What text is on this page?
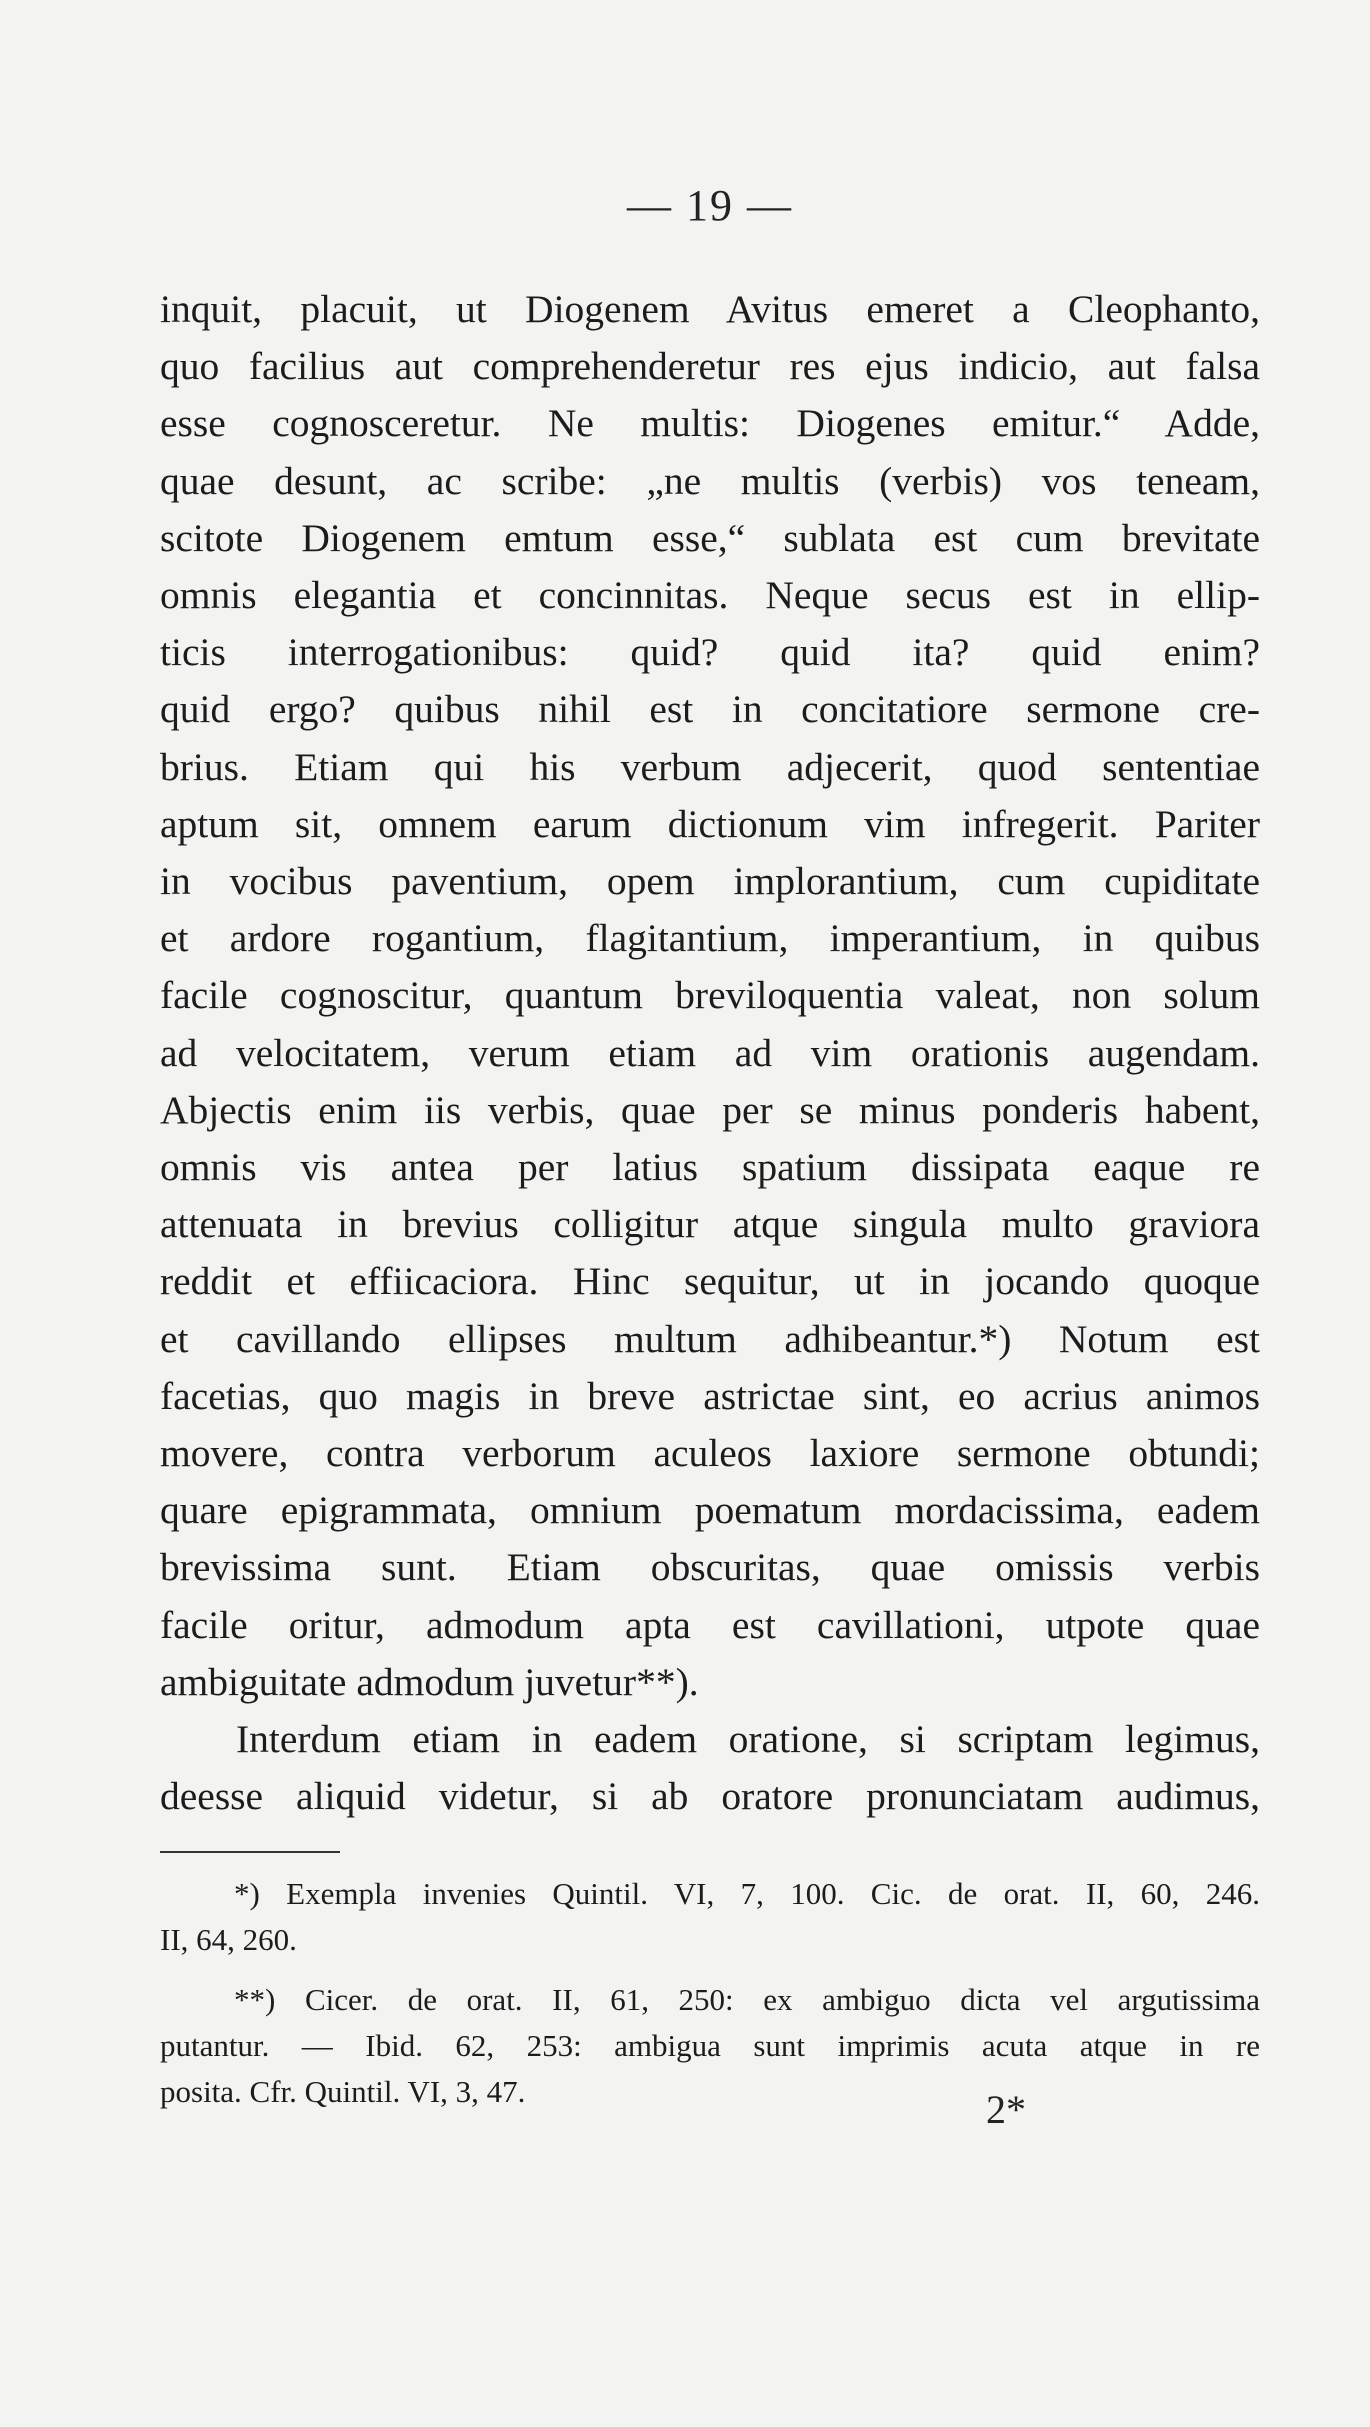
— 19 —
inquit, placuit, ut Diogenem Avitus emeret a Cleophanto,
quo facilius aut comprehenderetur res ejus indicio, aut falsa
esse cognosceretur. Ne multis: Diogenes emitur.“ Adde,
quae desunt, ac scribe: „ne multis (verbis) vos teneam,
scitote Diogenem emtum esse,“ sublata est cum brevitate
omnis elegantia et concinnitas. Neque secus est in ellip-
ticis interrogationibus: quid? quid ita? quid enim?
quid ergo? quibus nihil est in concitatiore sermone cre-
brius. Etiam qui his verbum adjecerit, quod sententiae
aptum sit, omnem earum dictionum vim infregerit. Pariter
in vocibus paventium, opem implorantium, cum cupiditate
et ardore rogantium, flagitantium, imperantium, in quibus
facile cognoscitur, quantum breviloquentia valeat, non solum
ad velocitatem, verum etiam ad vim orationis augendam.
Abjectis enim iis verbis, quae per se minus ponderis habent,
omnis vis antea per latius spatium dissipata eaque re
attenuata in brevius colligitur atque singula multo graviora
reddit et effiicaciora. Hinc sequitur, ut in jocando quoque
et cavillando ellipses multum adhibeantur.*) Notum est
facetias, quo magis in breve astrictae sint, eo acrius animos
movere, contra verborum aculeos laxiore sermone obtundi;
quare epigrammata, omnium poematum mordacissima, eadem
brevissima sunt. Etiam obscuritas, quae omissis verbis
facile oritur, admodum apta est cavillationi, utpote quae
ambiguitate admodum juvetur**).
Interdum etiam in eadem oratione, si scriptam legimus,
deesse aliquid videtur, si ab oratore pronunciatam audimus,
*) Exempla invenies Quintil. VI, 7, 100. Cic. de orat. II, 60, 246.
II, 64, 260.
**) Cicer. de orat. II, 61, 250: ex ambiguo dicta vel argutissima
putantur. — Ibid. 62, 253: ambigua sunt imprimis acuta atque in re
posita. Cfr. Quintil. VI, 3, 47.	2*
